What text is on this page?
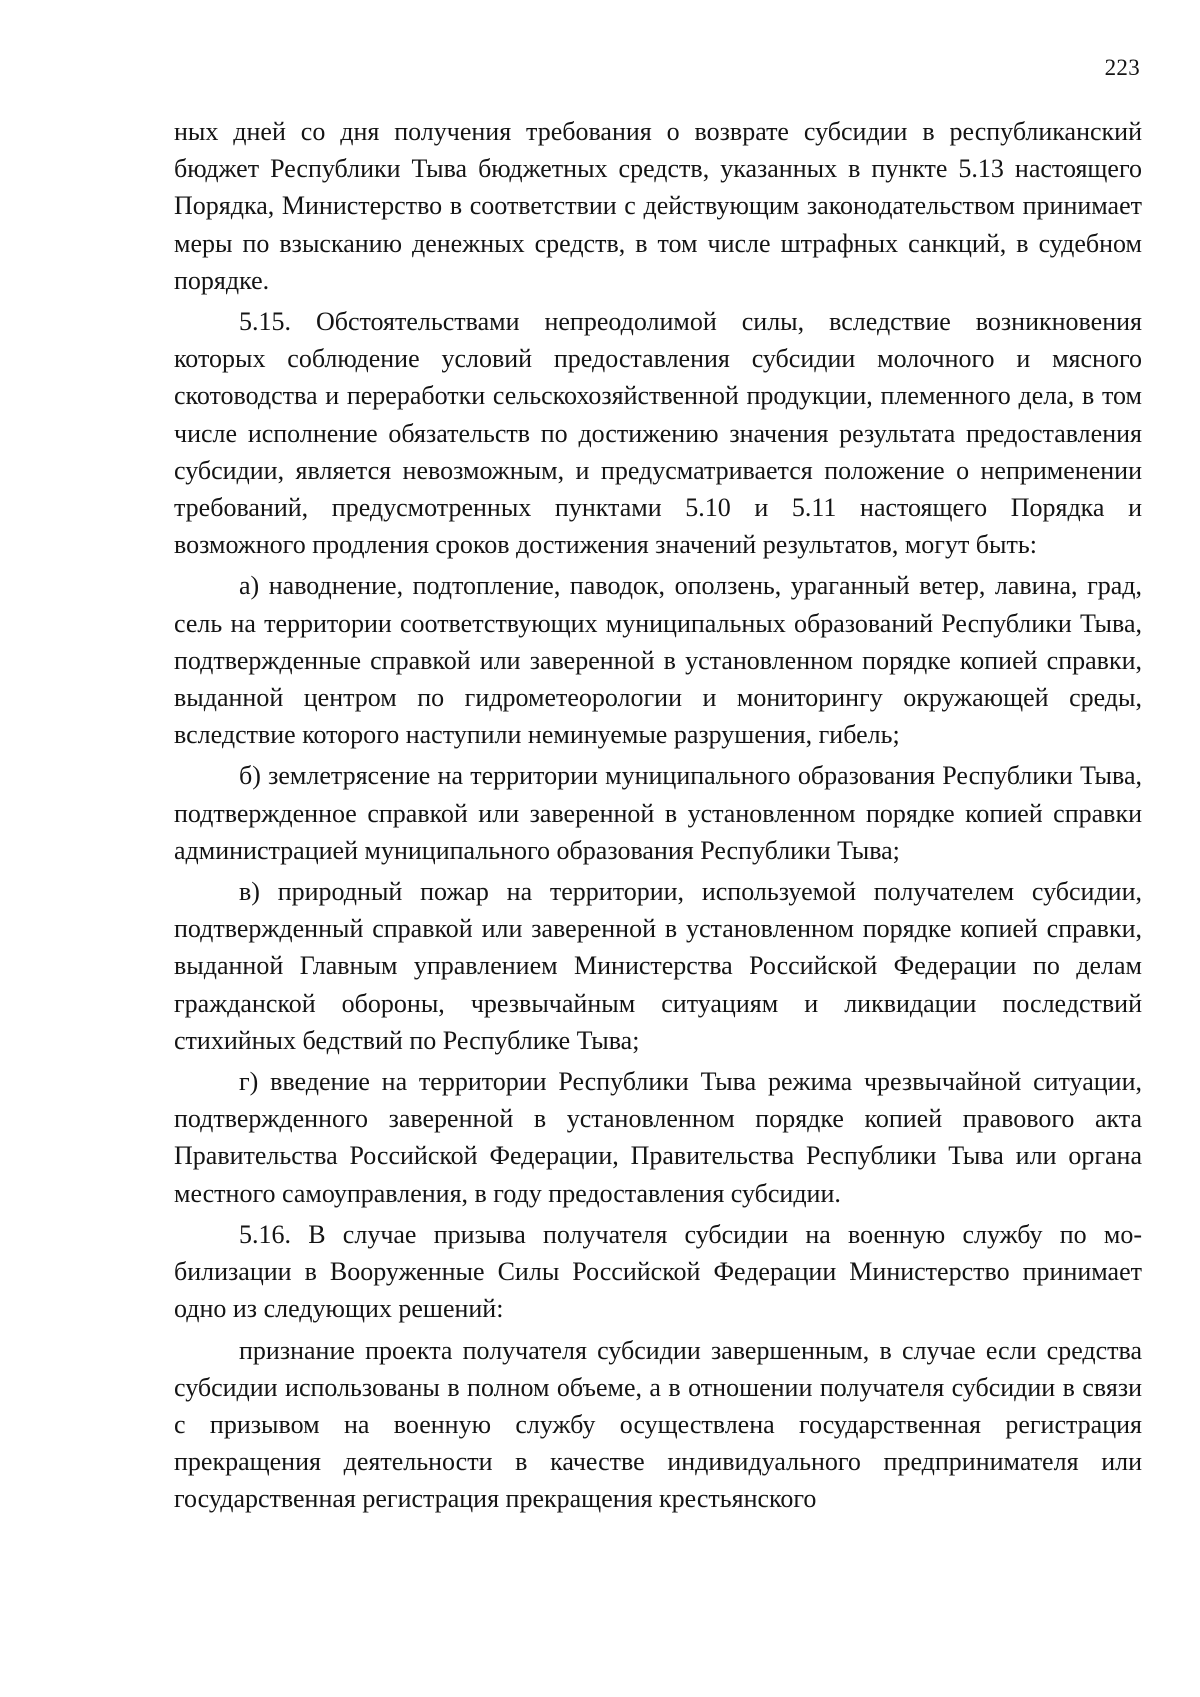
223

ных дней со дня получения требования о возврате субсидии в республиканский бюджет Республики Тыва бюджетных средств, указанных в пункте 5.13 настоящего Порядка, Министерство в соответствии с действующим законодательством принимает меры по взысканию денежных средств, в том числе штрафных санкций, в судебном порядке.

5.15. Обстоятельствами непреодолимой силы, вследствие возникновения которых соблюдение условий предоставления субсидии молочного и мясного скотоводства и переработки сельскохозяйственной продукции, племенного дела, в том числе исполнение обязательств по достижению значения результата предоставления субсидии, является невозможным, и предусматривается положение о неприменении требований, предусмотренных пунктами 5.10 и 5.11 настоящего Порядка и возможного продления сроков достижения значений результатов, могут быть:

а) наводнение, подтопление, паводок, оползень, ураганный ветер, лавина, град, сель на территории соответствующих муниципальных образований Республики Тыва, подтвержденные справкой или заверенной в установленном порядке копией справки, выданной центром по гидрометеорологии и мониторингу окружающей среды, вследствие которого наступили неминуемые разрушения, гибель;

б) землетрясение на территории муниципального образования Республики Тыва, подтвержденное справкой или заверенной в установленном порядке копией справки администрацией муниципального образования Республики Тыва;

в) природный пожар на территории, используемой получателем субсидии, подтвержденный справкой или заверенной в установленном порядке копией справки, выданной Главным управлением Министерства Российской Федерации по делам гражданской обороны, чрезвычайным ситуациям и ликвидации последствий стихийных бедствий по Республике Тыва;

г) введение на территории Республики Тыва режима чрезвычайной ситуации, подтвержденного заверенной в установленном порядке копией правового акта Правительства Российской Федерации, Правительства Республики Тыва или органа местного самоуправления, в году предоставления субсидии.

5.16. В случае призыва получателя субсидии на военную службу по мобилизации в Вооруженные Силы Российской Федерации Министерство принимает одно из следующих решений:

признание проекта получателя субсидии завершенным, в случае если средства субсидии использованы в полном объеме, а в отношении получателя субсидии в связи с призывом на военную службу осуществлена государственная регистрация прекращения деятельности в качестве индивидуального предпринимателя или государственная регистрация прекращения крестьянского
